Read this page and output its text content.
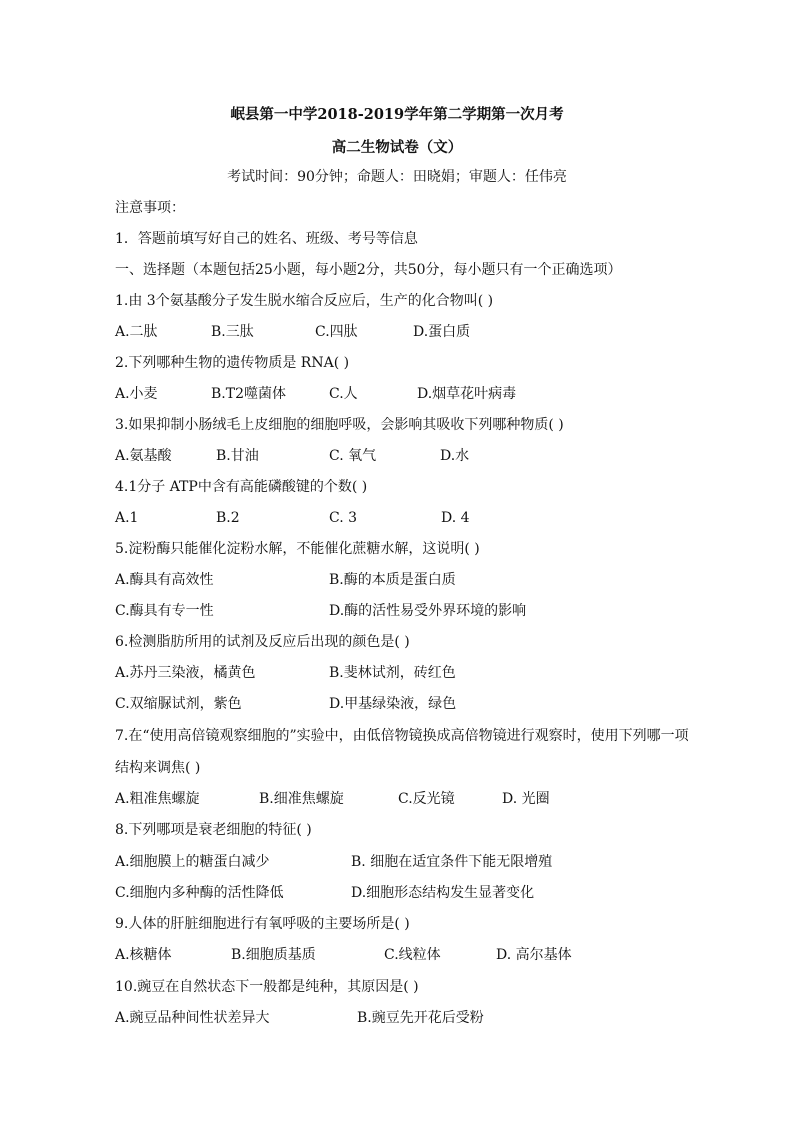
岷县第一中学2018-2019学年第二学期第一次月考
高二生物试卷（文）
考试时间：90分钟；命题人：田晓娟；审题人：任伟亮
注意事项：
1．答题前填写好自己的姓名、班级、考号等信息
一、选择题（本题包括25小题，每小题2分，共50分，每小题只有一个正确选项）
1.由 3个氨基酸分子发生脱水缩合反应后，生产的化合物叫( )
A.二肽	B.三肽	C.四肽	D.蛋白质
2.下列哪种生物的遗传物质是 RNA( )
A.小麦	B.T2噬菌体	C.人	D.烟草花叶病毒
3.如果抑制小肠绒毛上皮细胞的细胞呼吸，会影响其吸收下列哪种物质( )
A.氨基酸	B.甘油	C. 氧气	D.水
4.1分子 ATP中含有高能磷酸键的个数( )
A.1	B.2	C. 3	D. 4
5.淀粉酶只能催化淀粉水解，不能催化蔗糖水解，这说明( )
A.酶具有高效性	B.酶的本质是蛋白质
C.酶具有专一性	D.酶的活性易受外界环境的影响
6.检测脂肪所用的试剂及反应后出现的颜色是( )
A.苏丹三染液，橘黄色	B.斐林试剂，砖红色
C.双缩脲试剂，紫色	D.甲基绿染液，绿色
7.在“使用高倍镜观察细胞的”实验中，由低倍物镜换成高倍物镜进行观察时，使用下列哪一项
结构来调焦( )
A.粗准焦螺旋	B.细准焦螺旋	C.反光镜	D. 光圈
8.下列哪项是衰老细胞的特征( )
A.细胞膜上的糖蛋白减少	B. 细胞在适宜条件下能无限增殖
C.细胞内多种酶的活性降低	D.细胞形态结构发生显著变化
9.人体的肝脏细胞进行有氧呼吸的主要场所是( )
A.核糖体	B.细胞质基质	C.线粒体	D. 高尔基体
10.豌豆在自然状态下一般都是纯种，其原因是( )
A.豌豆品种间性状差异大	B.豌豆先开花后受粉
